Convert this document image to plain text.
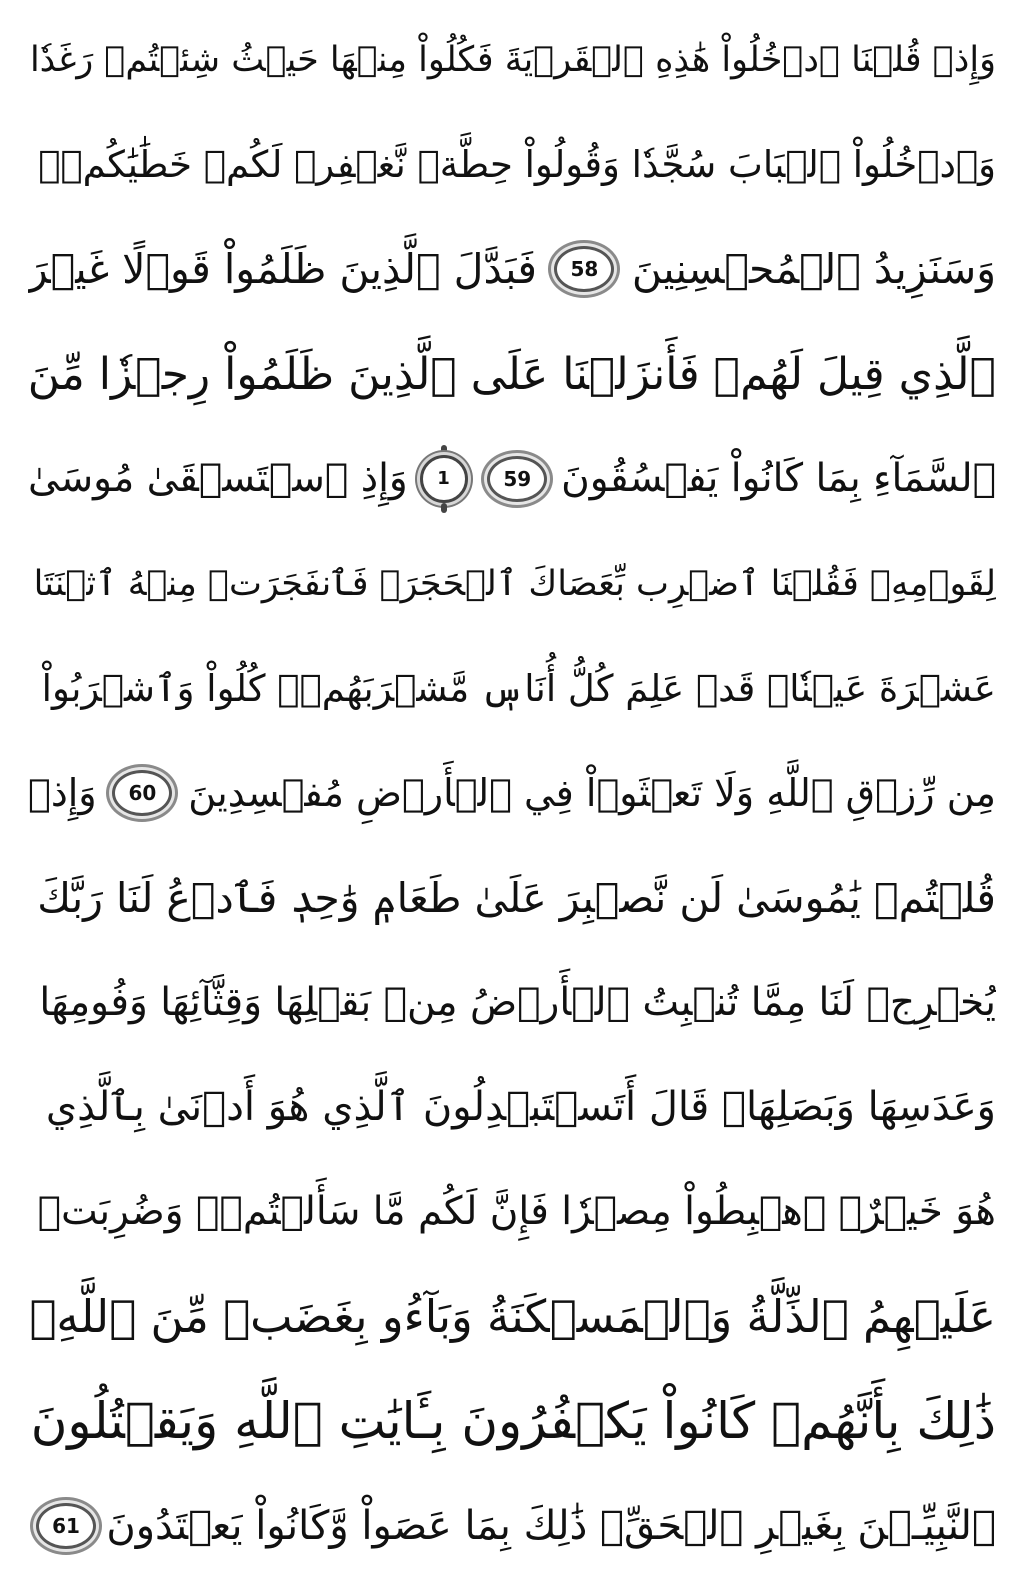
وَإِذۡ قُلۡنَا ٱدۡخُلُواْ هَٰذِهِ ٱلۡقَرۡيَةَ فَكُلُواْ مِنۡهَا حَيۡثُ شِئۡتُمۡ رَغَدٗا
وَٱدۡخُلُواْ ٱلۡبَابَ سُجَّدٗا وَقُولُواْ حِطَّةٞ نَّغۡفِرۡ لَكُمۡ خَطَٰيَٰكُمۡۚ
وَسَنَزِيدُ ٱلۡمُحۡسِنِينَ
58
فَبَدَّلَ ٱلَّذِينَ ظَلَمُواْ قَوۡلًا غَيۡرَ
ٱلَّذِي قِيلَ لَهُمۡ فَأَنزَلۡنَا عَلَى ٱلَّذِينَ ظَلَمُواْ رِجۡزٗا مِّنَ
ٱلسَّمَآءِ بِمَا كَانُواْ يَفۡسُقُونَ
59
1
وَإِذِ ٱسۡتَسۡقَىٰ مُوسَىٰ
لِقَوۡمِهِۦ فَقُلۡنَا ٱضۡرِب بِّعَصَاكَ ٱلۡحَجَرَۖ فَٱنفَجَرَتۡ مِنۡهُ ٱثۡنَتَا
عَشۡرَةَ عَيۡنٗاۖ قَدۡ عَلِمَ كُلُّ أُنَاسٖ مَّشۡرَبَهُمۡۖ كُلُواْ وَٱشۡرَبُواْ
مِن رِّزۡقِ ٱللَّهِ وَلَا تَعۡثَوۡاْ فِي ٱلۡأَرۡضِ مُفۡسِدِينَ
60
وَإِذۡ
قُلۡتُمۡ يَٰمُوسَىٰ لَن نَّصۡبِرَ عَلَىٰ طَعَامٖ وَٰحِدٖ فَٱدۡعُ لَنَا رَبَّكَ
يُخۡرِجۡ لَنَا مِمَّا تُنۢبِتُ ٱلۡأَرۡضُ مِنۢ بَقۡلِهَا وَقِثَّآئِهَا وَفُومِهَا
وَعَدَسِهَا وَبَصَلِهَاۖ قَالَ أَتَسۡتَبۡدِلُونَ ٱلَّذِي هُوَ أَدۡنَىٰ بِٱلَّذِي
هُوَ خَيۡرٌۚ ٱهۡبِطُواْ مِصۡرٗا فَإِنَّ لَكُم مَّا سَأَلۡتُمۡۗ وَضُرِبَتۡ
عَلَيۡهِمُ ٱلذِّلَّةُ وَٱلۡمَسۡكَنَةُ وَبَآءُو بِغَضَبٖ مِّنَ ٱللَّهِۗ
ذَٰلِكَ بِأَنَّهُمۡ كَانُواْ يَكۡفُرُونَ بِـَٔايَٰتِ ٱللَّهِ وَيَقۡتُلُونَ
ٱلنَّبِيِّـۧنَ بِغَيۡرِ ٱلۡحَقِّۗ ذَٰلِكَ بِمَا عَصَواْ وَّكَانُواْ يَعۡتَدُونَ
61
